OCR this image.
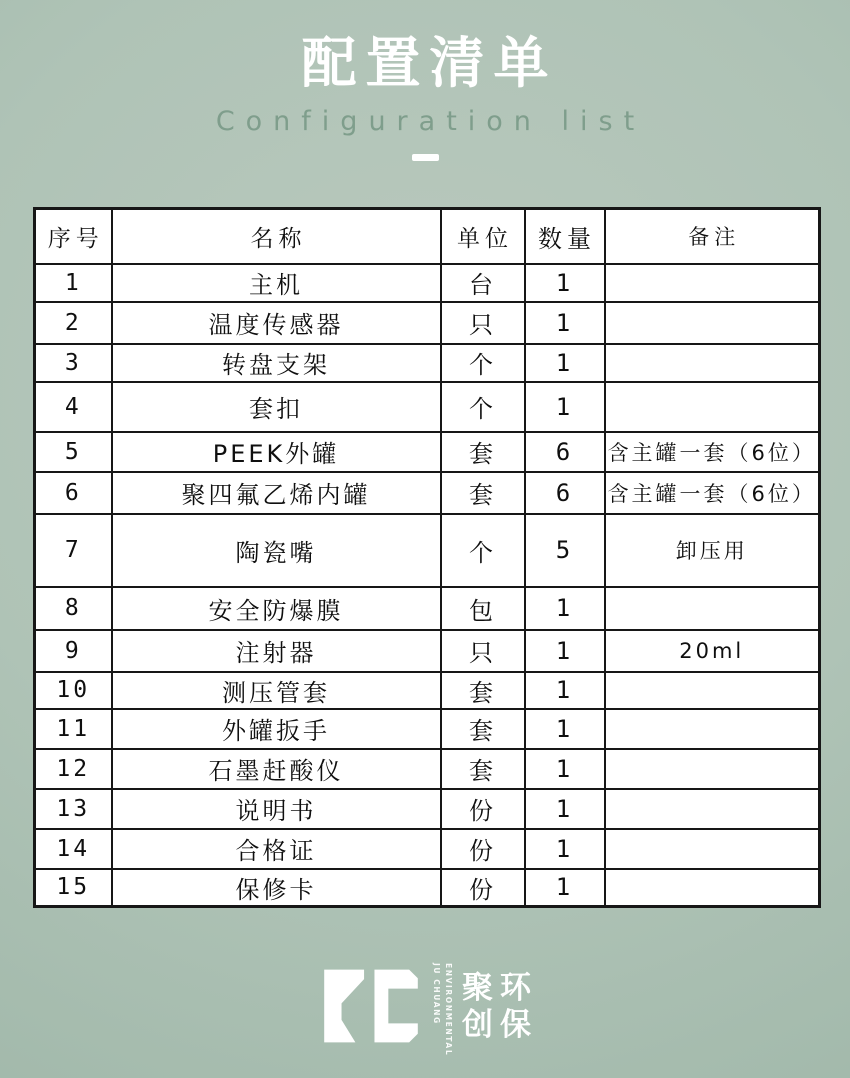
配置清单
Configuration list
序号	名称	单位	数量	备注
1	主机	台	1	
2	温度传感器	只	1	
3	转盘支架	个	1	
4	套扣	个	1	
5	PEEK外罐	套	6	含主罐一套（6位）
6	聚四氟乙烯内罐	套	6	含主罐一套（6位）
7	陶瓷嘴	个	5	卸压用
8	安全防爆膜	包	1	
9	注射器	只	1	20ml
10	测压管套	套	1	
11	外罐扳手	套	1	
12	石墨赶酸仪	套	1	
13	说明书	份	1	
14	合格证	份	1	
15	保修卡	份	1	
JU CHUANG ENVIRONMENTAL 聚 环
创 保
